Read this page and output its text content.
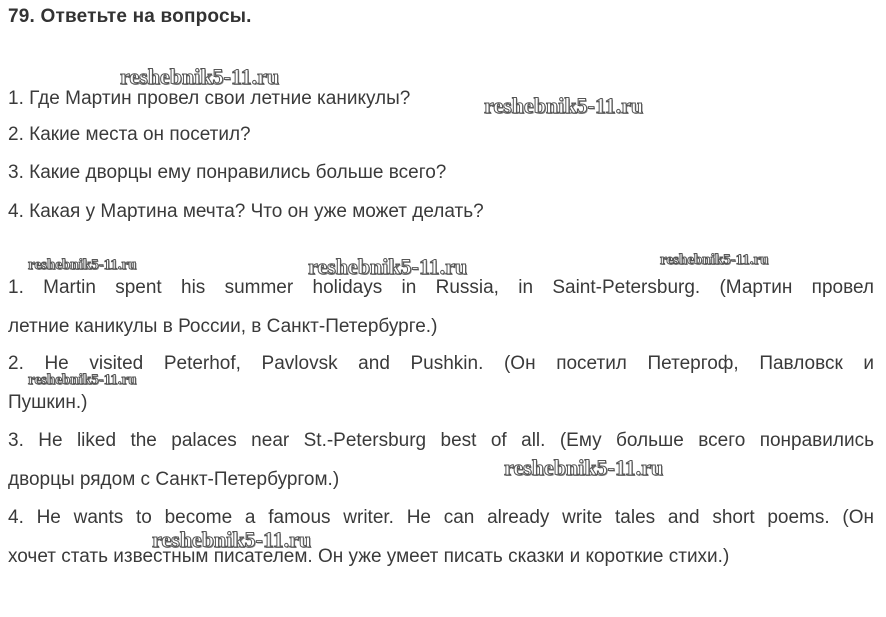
79. Ответьте на вопросы.
1. Где Мартин провел свои летние каникулы?
2. Какие места он посетил?
3. Какие дворцы ему понравились больше всего?
4. Какая у Мартина мечта? Что он уже может делать?
1. Martin spent his summer holidays in Russia, in Saint-Petersburg. (Мартин провел
летние каникулы в России, в Санкт-Петербурге.)
2. He visited Peterhof, Pavlovsk and Pushkin. (Он посетил Петергоф, Павловск и
Пушкин.)
3. He liked the palaces near St.-Petersburg best of all. (Ему больше всего понравились
дворцы рядом с Санкт-Петербургом.)
4. He wants to become a famous writer. He can already write tales and short poems. (Он
хочет стать известным писателем. Он уже умеет писать сказки и короткие стихи.)
reshebnik5-11.ru
reshebnik5-11.ru
reshebnik5-11.ru	reshebnik5-11.ru	reshebnik5-11.ru
reshebnik5-11.ru
reshebnik5-11.ru
reshebnik5-11.ru
